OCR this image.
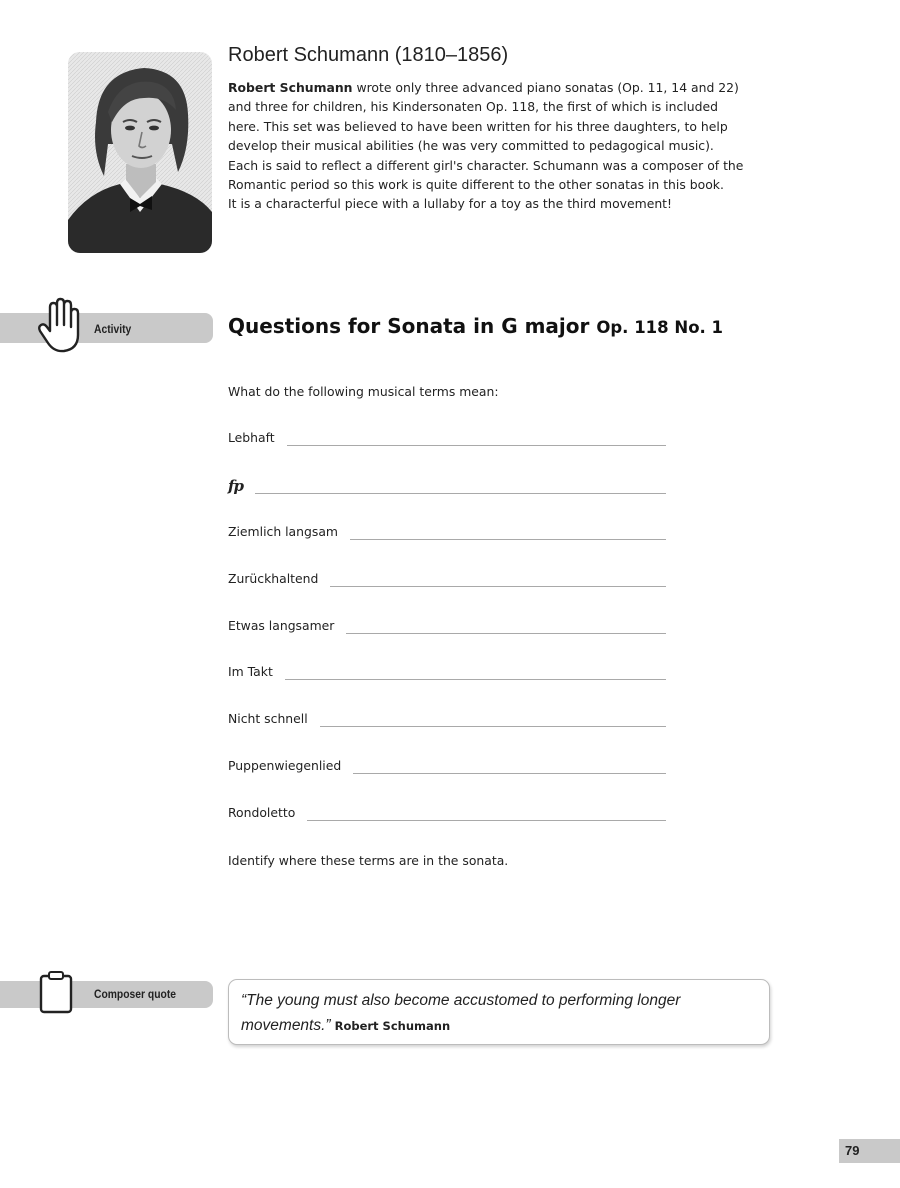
Robert Schumann (1810–1856)

Robert Schumann wrote only three advanced piano sonatas (Op. 11, 14 and 22)
and three for children, his Kindersonaten Op. 118, the first of which is included
here. This set was believed to have been written for his three daughters, to help
develop their musical abilities (he was very committed to pedagogical music).
Each is said to reflect a different girl's character. Schumann was a composer of the
Romantic period so this work is quite different to the other sonatas in this book.
It is a characterful piece with a lullaby for a toy as the third movement!

Activity	Questions for Sonata in G major Op. 118 No. 1

What do the following musical terms mean:

Lebhaft
fp
Ziemlich langsam
Zurückhaltend
Etwas langsamer
Im Takt
Nicht schnell
Puppenwiegenlied
Rondoletto

Identify where these terms are in the sonata.

Composer quote	“The young must also become accustomed to performing longer movements.” Robert Schumann

79
